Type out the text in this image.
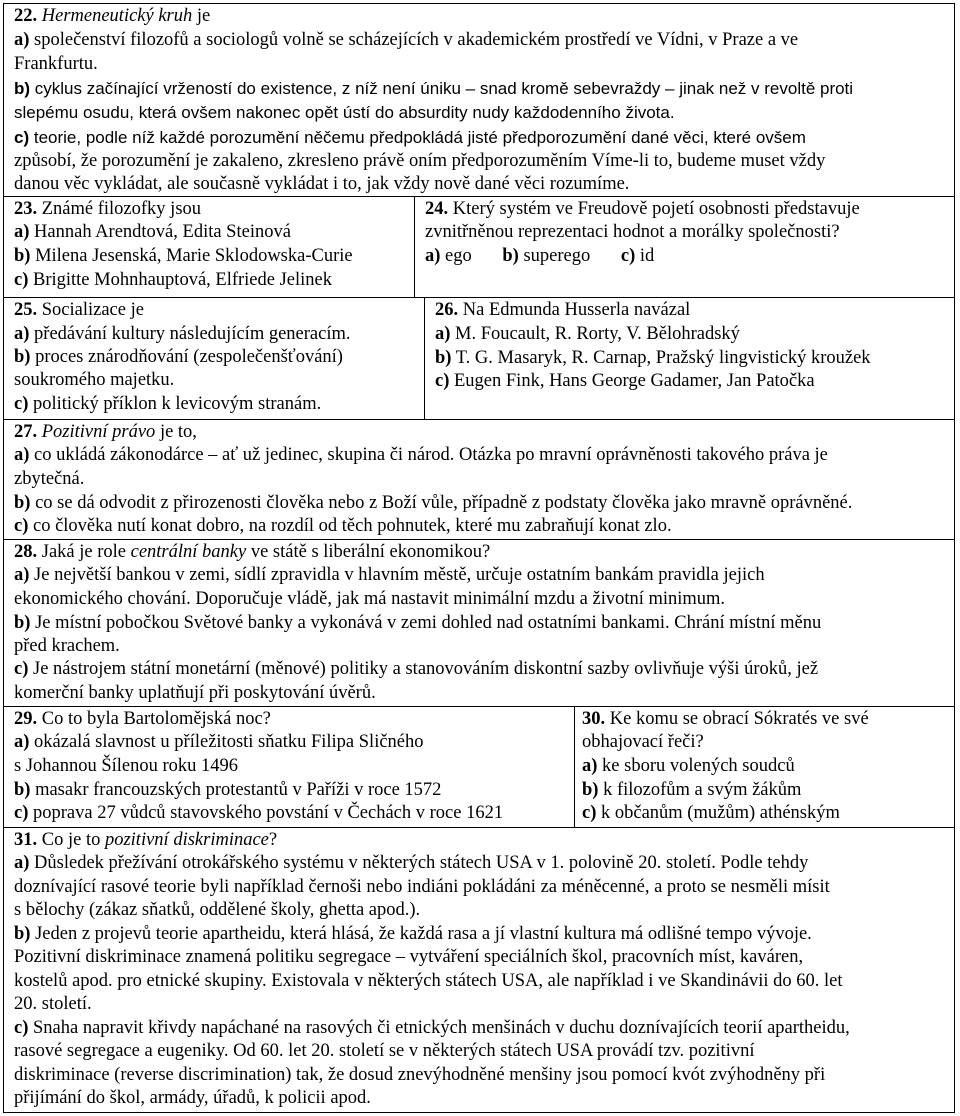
22. Hermeneutický kruh je

a) společenství filozofů a sociologů volně se scházejících v akademickém prostředí ve Vídni, v Praze a ve

Frankfurtu.

b) cyklus začínající vržeností do existence, z níž není úniku – snad kromě sebevraždy – jinak než v revoltě proti

slepému osudu, která ovšem nakonec opět ústí do absurdity nudy každodenního života.

c) teorie, podle níž každé porozumění něčemu předpokládá jisté předporozumění dané věci, které ovšem

způsobí, že porozumění je zakaleno, zkresleno právě oním předporozuměním Víme-li to, budeme muset vždy

danou věc vykládat, ale současně vykládat i to, jak vždy nově dané věci rozumíme.

23. Známé filozofky jsou

a) Hannah Arendtová, Edita Steinová

b) Milena Jesenská, Marie Sklodowska-Curie

c) Brigitte Mohnhauptová, Elfriede Jelinek

24. Který systém ve Freudově pojetí osobnosti představuje

zvnitřněnou reprezentaci hodnot a morálky společnosti?

a) ego b) superego c) id

25. Socializace je

a) předávání kultury následujícím generacím.

b) proces znárodňování (zespolečenšťování)

soukromého majetku.

c) politický příklon k levicovým stranám.

26. Na Edmunda Husserla navázal

a) M. Foucault, R. Rorty, V. Bělohradský

b) T. G. Masaryk, R. Carnap, Pražský lingvistický kroužek

c) Eugen Fink, Hans George Gadamer, Jan Patočka

27. Pozitivní právo je to,

a) co ukládá zákonodárce – ať už jedinec, skupina či národ. Otázka po mravní oprávněnosti takového práva je

zbytečná.

b) co se dá odvodit z přirozenosti člověka nebo z Boží vůle, případně z podstaty člověka jako mravně oprávněné.

c) co člověka nutí konat dobro, na rozdíl od těch pohnutek, které mu zabraňují konat zlo.

28. Jaká je role centrální banky ve státě s liberální ekonomikou?

a) Je největší bankou v zemi, sídlí zpravidla v hlavním městě, určuje ostatním bankám pravidla jejich

ekonomického chování. Doporučuje vládě, jak má nastavit minimální mzdu a životní minimum.

b) Je místní pobočkou Světové banky a vykonává v zemi dohled nad ostatními bankami. Chrání místní měnu

před krachem.

c) Je nástrojem státní monetární (měnové) politiky a stanovováním diskontní sazby ovlivňuje výši úroků, jež

komerční banky uplatňují při poskytování úvěrů.

29. Co to byla Bartolomějská noc?

a) okázalá slavnost u příležitosti sňatku Filipa Sličného

s Johannou Šílenou roku 1496

b) masakr francouzských protestantů v Paříži v roce 1572

c) poprava 27 vůdců stavovského povstání v Čechách v roce 1621

30. Ke komu se obrací Sókratés ve své

obhajovací řeči?

a) ke sboru volených soudců

b) k filozofům a svým žákům

c) k občanům (mužům) athénským

31. Co je to pozitivní diskriminace?

a) Důsledek přežívání otrokářského systému v některých státech USA v 1. polovině 20. století. Podle tehdy

doznívající rasové teorie byli například černoši nebo indiáni pokládáni za méněcenné, a proto se nesměli mísit

s bělochy (zákaz sňatků, oddělené školy, ghetta apod.).

b) Jeden z projevů teorie apartheidu, která hlásá, že každá rasa a jí vlastní kultura má odlišné tempo vývoje.

Pozitivní diskriminace znamená politiku segregace – vytváření speciálních škol, pracovních míst, kaváren,

kostelů apod. pro etnické skupiny. Existovala v některých státech USA, ale například i ve Skandinávii do 60. let

20. století.

c) Snaha napravit křivdy napáchané na rasových či etnických menšinách v duchu doznívajících teorií apartheidu,

rasové segregace a eugeniky. Od 60. let 20. století se v některých státech USA provádí tzv. pozitivní

diskriminace (reverse discrimination) tak, že dosud znevýhodněné menšiny jsou pomocí kvót zvýhodněny při

přijímání do škol, armády, úřadů, k policii apod.
